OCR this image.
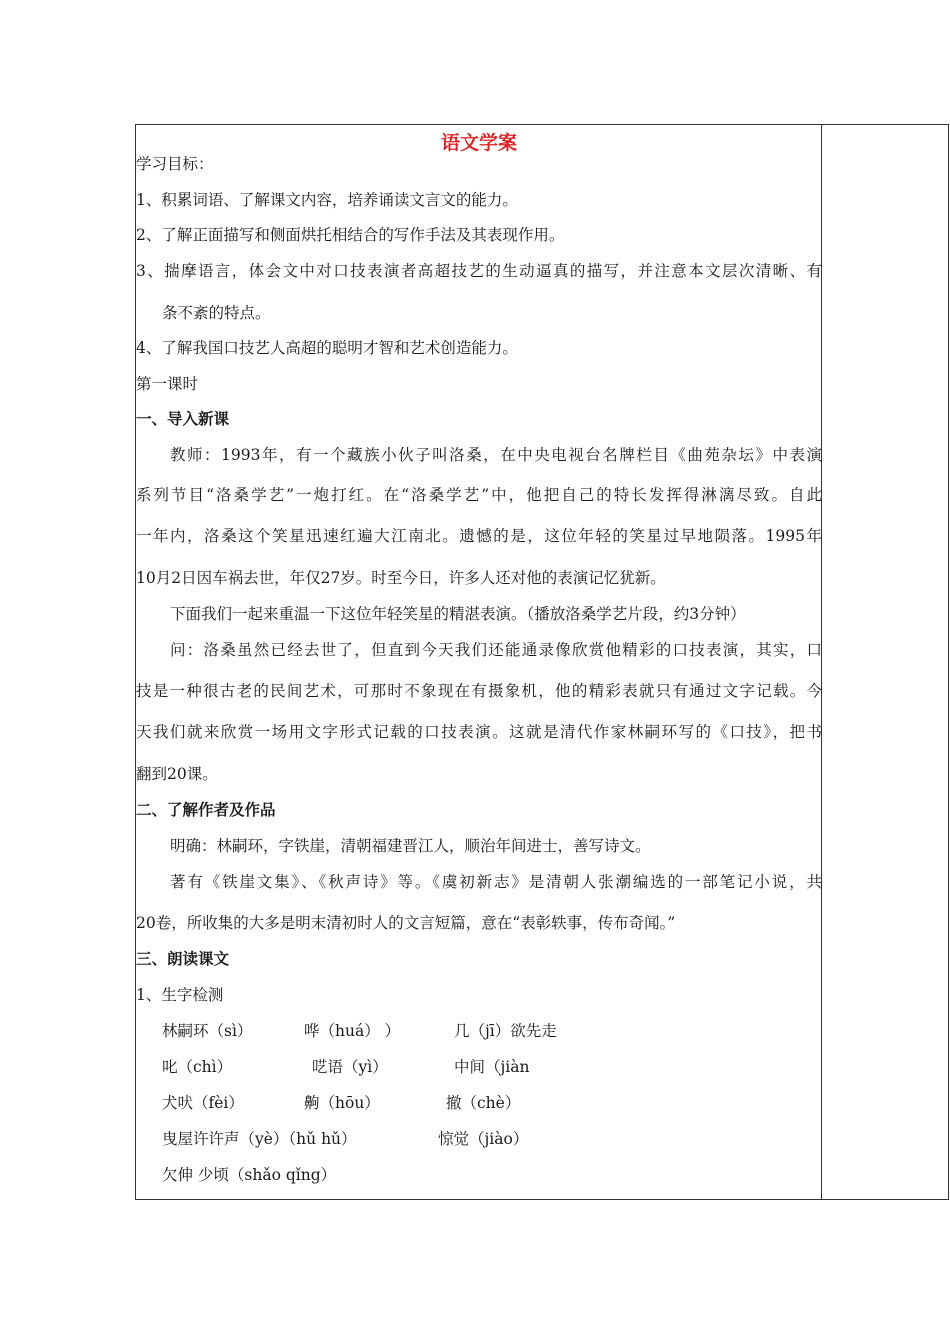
语文学案
学习目标：
1、积累词语、了解课文内容，培养诵读文言文的能力。
2、了解正面描写和侧面烘托相结合的写作手法及其表现作用。
3、揣摩语言，体会文中对口技表演者高超技艺的生动逼真的描写，并注意本文层次清晰、有
条不紊的特点。
4、了解我国口技艺人高超的聪明才智和艺术创造能力。
第一课时
一、导入新课
教师：1993年，有一个藏族小伙子叫洛桑，在中央电视台名牌栏目《曲苑杂坛》中表演
系列节目“洛桑学艺”一炮打红。在“洛桑学艺”中，他把自己的特长发挥得淋漓尽致。自此
一年内，洛桑这个笑星迅速红遍大江南北。遗憾的是，这位年轻的笑星过早地陨落。1995年
10月2日因车祸去世，年仅27岁。时至今日，许多人还对他的表演记忆犹新。
下面我们一起来重温一下这位年轻笑星的精湛表演。（播放洛桑学艺片段，约3分钟）
问：洛桑虽然已经去世了，但直到今天我们还能通录像欣赏他精彩的口技表演，其实，口
技是一种很古老的民间艺术，可那时不象现在有摄象机，他的精彩表就只有通过文字记载。今
天我们就来欣赏一场用文字形式记载的口技表演。这就是清代作家林嗣环写的《口技》，把书
翻到20课。
二、了解作者及作品
明确：林嗣环，字铁崖，清朝福建晋江人，顺治年间进士，善写诗文。
著有《铁崖文集》、《秋声诗》等。《虞初新志》是清朝人张潮编选的一部笔记小说，共
20卷，所收集的大多是明末清初时人的文言短篇，意在“表彰轶事，传布奇闻。”
三、朗读课文
1、生字检测
林嗣环（sì）	哗（huá） ）	几（jī）欲先走
叱（chì）	呓语（yì）	中间（jiàn
犬吠（fèi）	齁（hōu）	撤（chè）
曳屋许许声（yè）（hǔ hǔ）	惊觉（jiào）
欠伸 少顷（shǎo qǐng）
